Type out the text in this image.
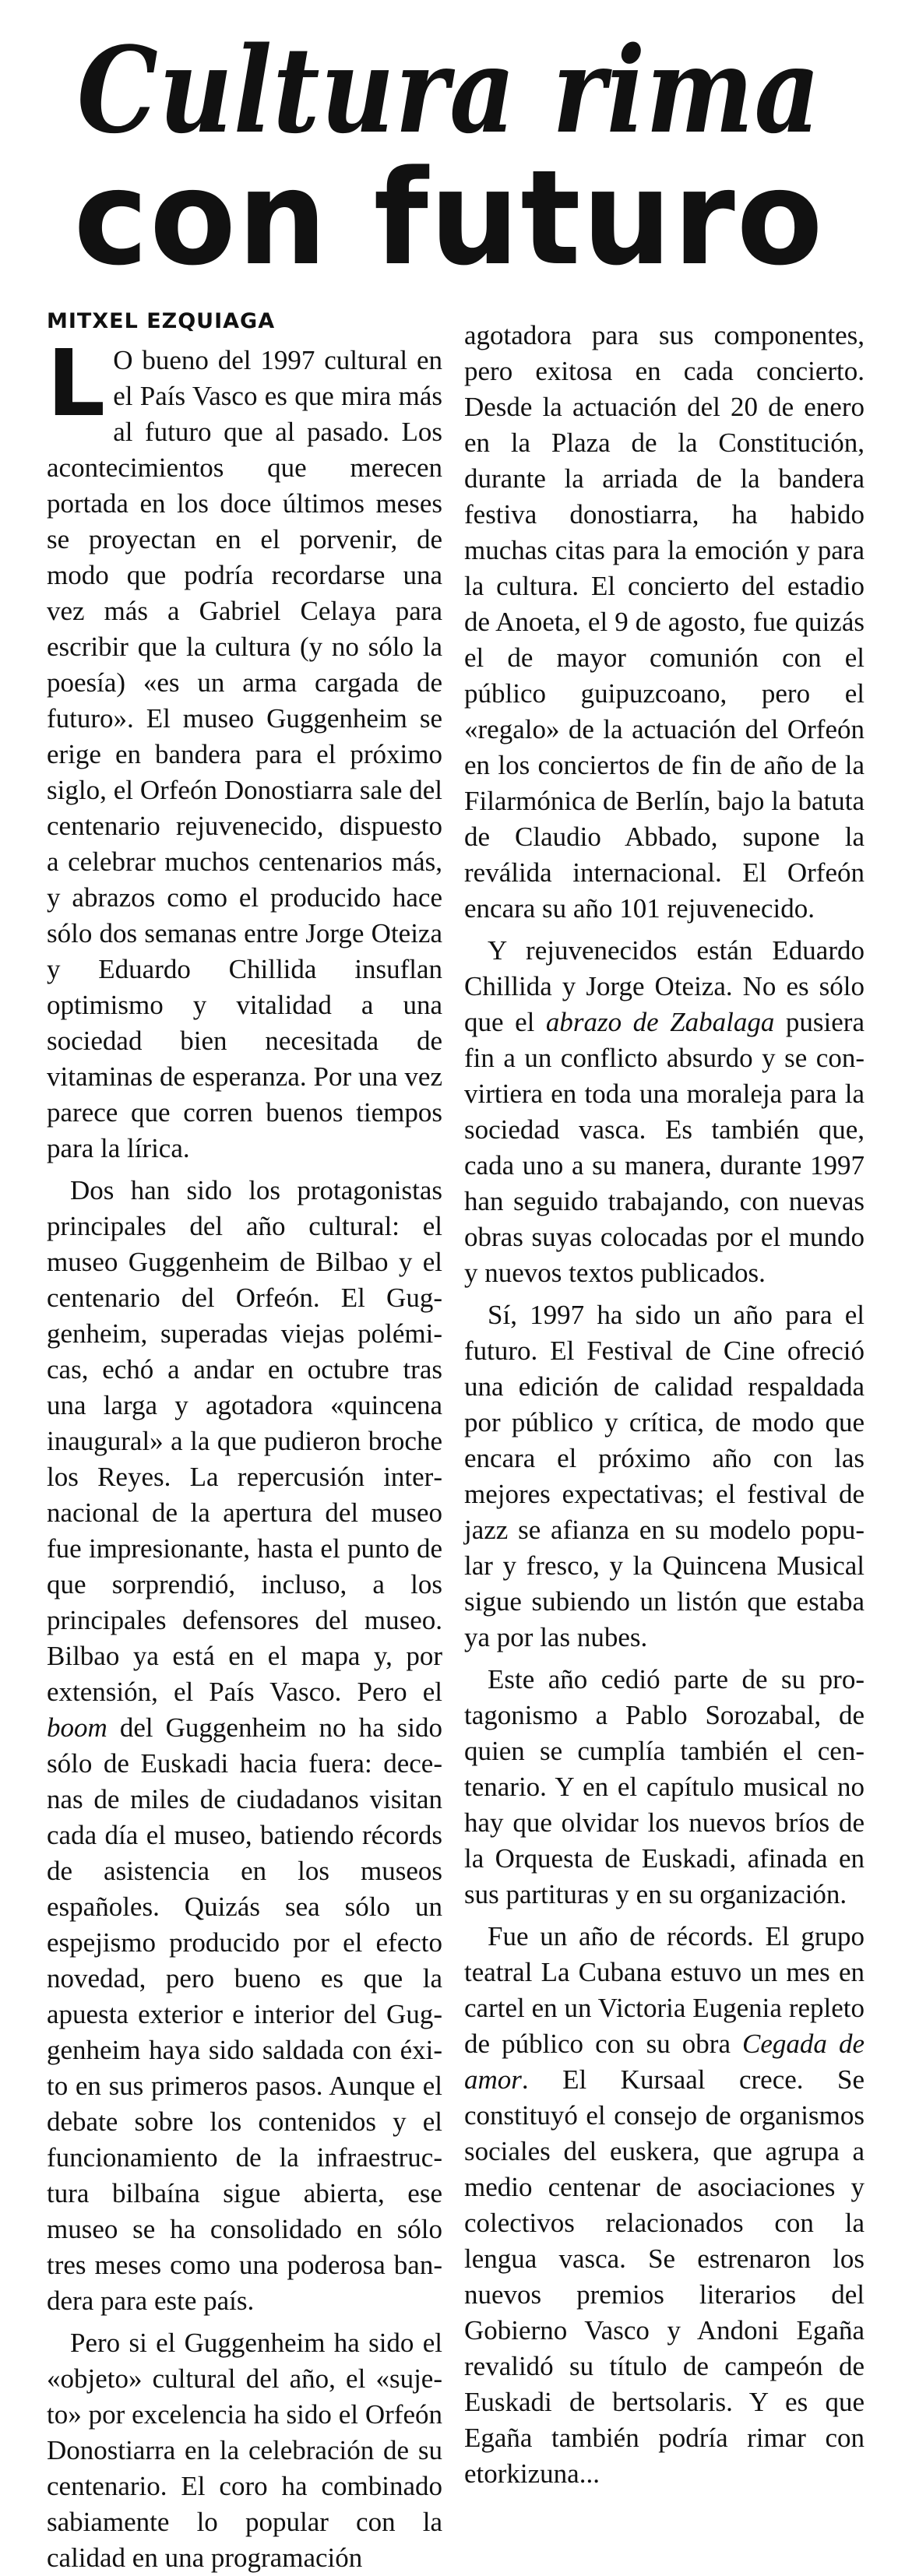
Cultura rima
con futuro
MITXEL EZQUIAGA

L O bueno del 1997 cultural en el País Vasco es que mira más al futuro que al pasado. Los acontecimientos que merecen portada en los doce últimos meses se proyectan en el porvenir, de modo que podría recordarse una vez más a Gabriel Celaya para escribir que la cultura (y no sólo la poesía) «es un arma cargada de futuro». El museo Guggenheim se erige en bandera para el próximo siglo, el Orfeón Donostiarra sale del centenario rejuvenecido, dispuesto a celebrar muchos centenarios más, y abrazos como el producido hace sólo dos semanas entre Jorge Oteiza y Eduardo Chillida insuflan optimismo y vitalidad a una sociedad bien necesitada de vitaminas de esperanza. Por una vez parece que corren buenos tiempos para la lírica.

Dos han sido los protagonistas principales del año cultural: el museo Guggenheim de Bilbao y el centenario del Orfeón. El Guggenheim, superadas viejas polémicas, echó a andar en octubre tras una larga y agotadora «quincena inaugural» a la que pudieron broche los Reyes. La repercusión internacional de la apertura del museo fue impresionante, hasta el punto de que sorprendió, incluso, a los principales defensores del museo. Bilbao ya está en el mapa y, por extensión, el País Vasco. Pero el boom del Guggenheim no ha sido sólo de Euskadi hacia fuera: decenas de miles de ciudadanos visitan cada día el museo, batiendo récords de asistencia en los museos españoles. Quizás sea sólo un espejismo producido por el efecto novedad, pero bueno es que la apuesta exterior e interior del Guggenheim haya sido saldada con éxito en sus primeros pasos. Aunque el debate sobre los contenidos y el funcionamiento de la infraestructura bilbaína sigue abierta, ese museo se ha consolidado en sólo tres meses como una poderosa bandera para este país.

Pero si el Guggenheim ha sido el «objeto» cultural del año, el «sujeto» por excelencia ha sido el Orfeón Donostiarra en la celebración de su centenario. El coro ha combinado sabiamente lo popular con la calidad en una programación

agotadora para sus componentes, pero exitosa en cada concierto. Desde la actuación del 20 de enero en la Plaza de la Constitución, durante la arriada de la bandera festiva donostiarra, ha habido muchas citas para la emoción y para la cultura. El concierto del estadio de Anoeta, el 9 de agosto, fue quizás el de mayor comunión con el público guipuzcoano, pero el «regalo» de la actuación del Orfeón en los conciertos de fin de año de la Filarmónica de Berlín, bajo la batuta de Claudio Abbado, supone la reválida internacional. El Orfeón encara su año 101 rejuvenecido.

Y rejuvenecidos están Eduardo Chillida y Jorge Oteiza. No es sólo que el abrazo de Zabalaga pusiera fin a un conflicto absurdo y se convirtiera en toda una moraleja para la sociedad vasca. Es también que, cada uno a su manera, durante 1997 han seguido trabajando, con nuevas obras suyas colocadas por el mundo y nuevos textos publicados.

Sí, 1997 ha sido un año para el futuro. El Festival de Cine ofreció una edición de calidad respaldada por público y crítica, de modo que encara el próximo año con las mejores expectativas; el festival de jazz se afianza en su modelo popular y fresco, y la Quincena Musical sigue subiendo un listón que estaba ya por las nubes.

Este año cedió parte de su protagonismo a Pablo Sorozabal, de quien se cumplía también el centenario. Y en el capítulo musical no hay que olvidar los nuevos bríos de la Orquesta de Euskadi, afinada en sus partituras y en su organización.

Fue un año de récords. El grupo teatral La Cubana estuvo un mes en cartel en un Victoria Eugenia repleto de público con su obra Cegada de amor. El Kursaal crece. Se constituyó el consejo de organismos sociales del euskera, que agrupa a medio centenar de asociaciones y colectivos relacionados con la lengua vasca. Se estrenaron los nuevos premios literarios del Gobierno Vasco y Andoni Egaña revalidó su título de campeón de Euskadi de bertsolaris. Y es que Egaña también podría rimar con etorkizuna...
